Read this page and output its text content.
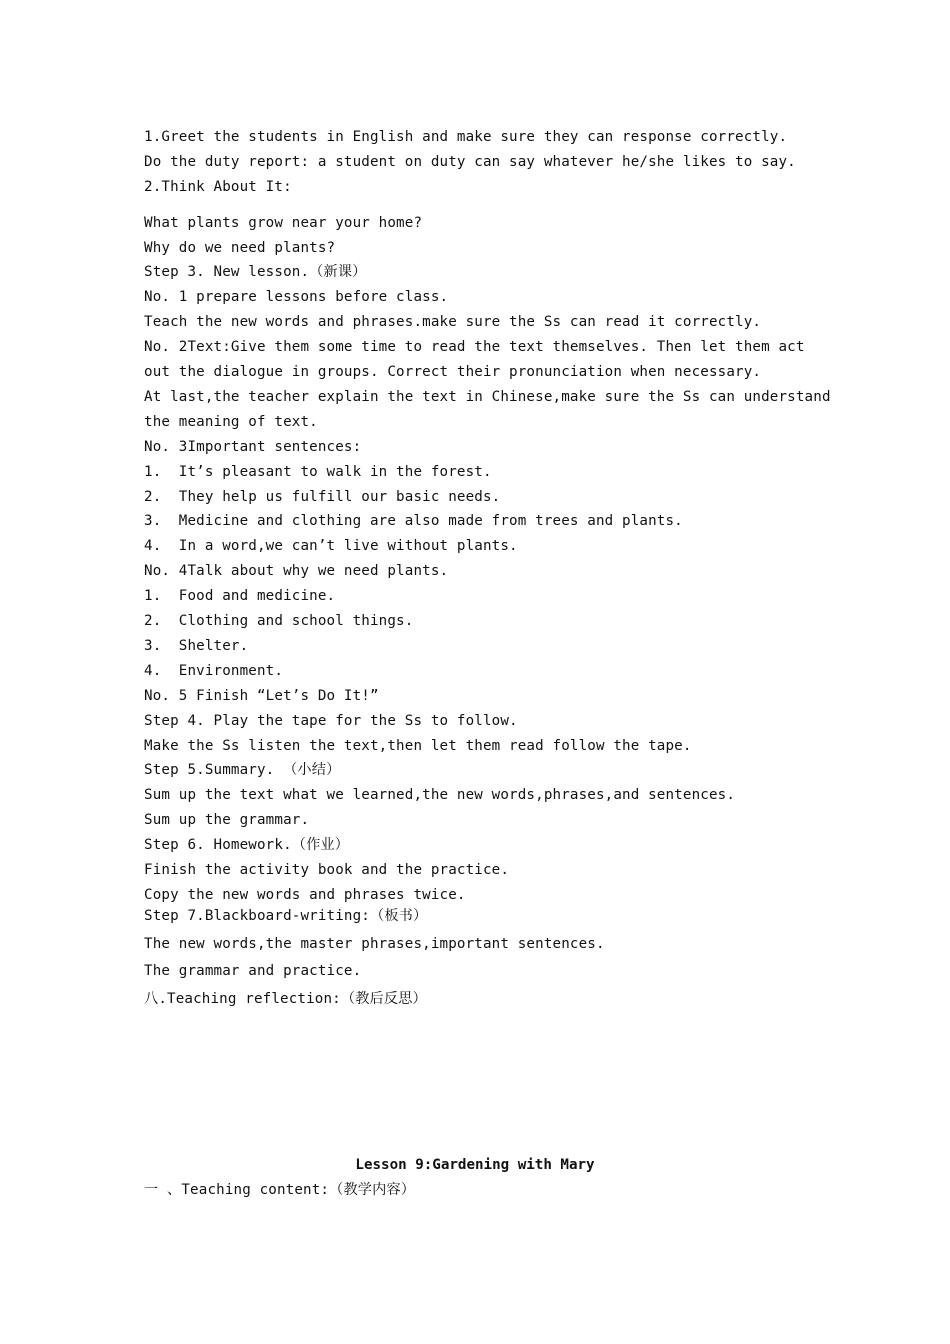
1.Greet the students in English and make sure they can response correctly.
Do the duty report: a student on duty can say whatever he/she likes to say.
2.Think About It:
What plants grow near your home?
Why do we need plants?
Step 3. New lesson.（新课）
No. 1 prepare lessons before class.
Teach the new words and phrases.make sure the Ss can read it correctly.
No. 2Text:Give them some time to read the text themselves. Then let them act
out the dialogue in groups. Correct their pronunciation when necessary.
At last,the teacher explain the text in Chinese,make sure the Ss can understand
the meaning of text.
No. 3Important sentences:
1.  It’s pleasant to walk in the forest.
2.  They help us fulfill our basic needs.
3.  Medicine and clothing are also made from trees and plants.
4.  In a word,we can’t live without plants.
No. 4Talk about why we need plants.
1.  Food and medicine.
2.  Clothing and school things.
3.  Shelter.
4.  Environment.
No. 5 Finish “Let’s Do It!”
Step 4. Play the tape for the Ss to follow.
Make the Ss listen the text,then let them read follow the tape.
Step 5.Summary. （小结）
Sum up the text what we learned,the new words,phrases,and sentences.
Sum up the grammar.
Step 6. Homework.（作业）
Finish the activity book and the practice.
Copy the new words and phrases twice.
Step 7.Blackboard-writing:（板书）
The new words,the master phrases,important sentences.
The grammar and practice.
八.Teaching reflection:（教后反思）
Lesson 9:Gardening with Mary
一 、Teaching content:（教学内容）
